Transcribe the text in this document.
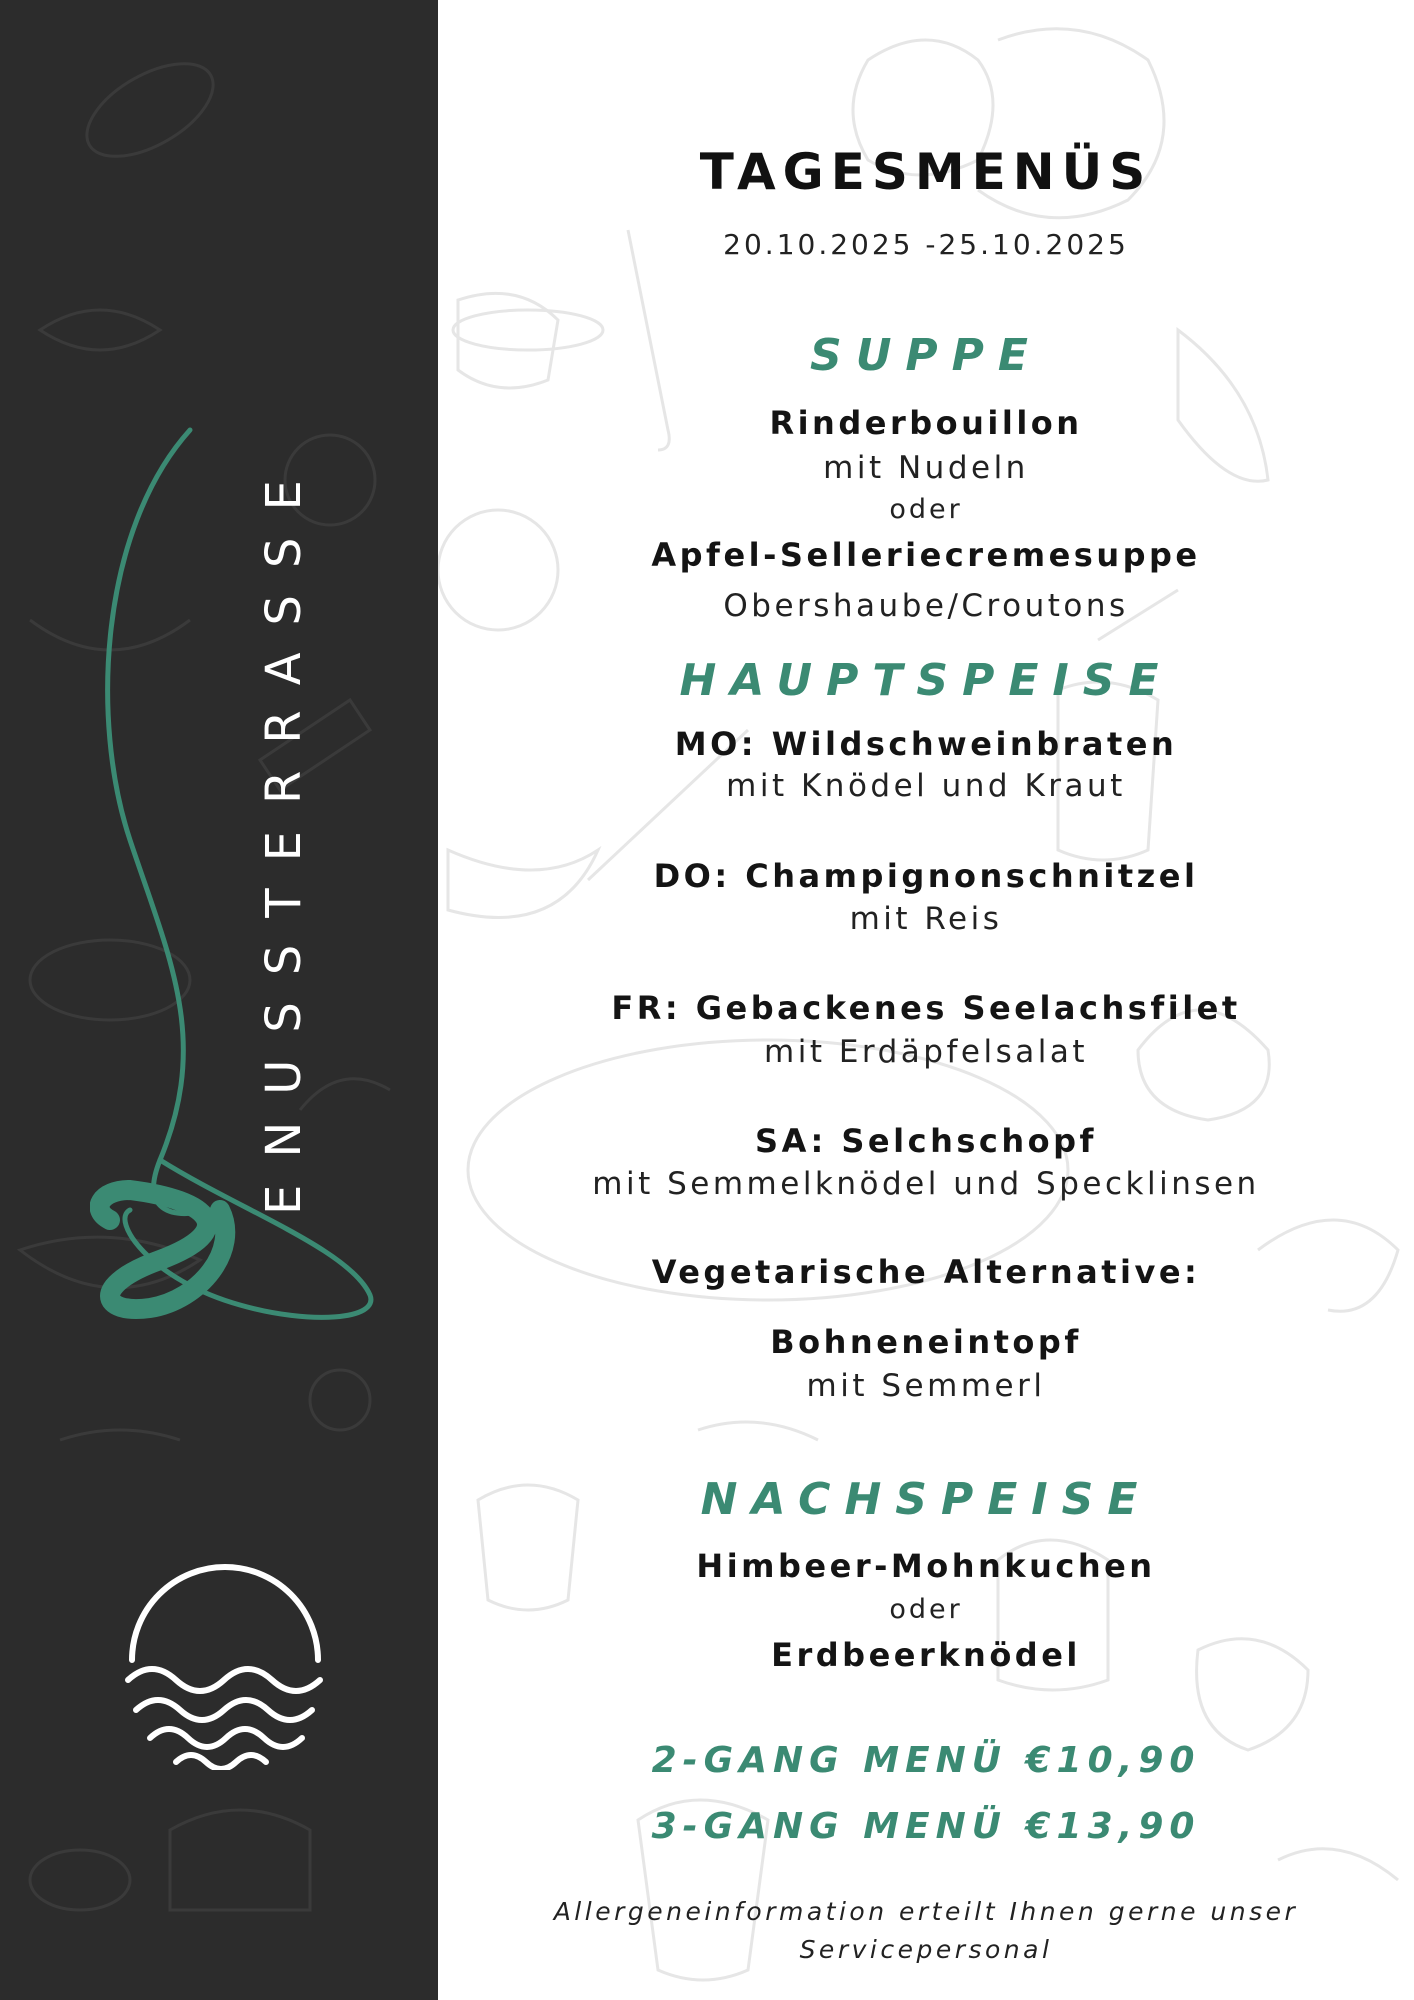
ENUSSTERRASSE
TAGESMENÜS
20.10.2025 -25.10.2025
SUPPE
Rinderbouillon
mit Nudeln
oder
Apfel-Selleriecremesuppe
Obershaube/Croutons
HAUPTSPEISE
MO: Wildschweinbraten
mit Knödel und Kraut
DO: Champignonschnitzel
mit Reis
FR: Gebackenes Seelachsfilet
mit Erdäpfelsalat
SA: Selchschopf
mit Semmelknödel und Specklinsen
Vegetarische Alternative:
Bohneneintopf
mit Semmerl
NACHSPEISE
Himbeer-Mohnkuchen
oder
Erdbeerknödel
2-GANG MENÜ €10,90
3-GANG MENÜ €13,90
Allergeneinformation erteilt Ihnen gerne unser
Servicepersonal
